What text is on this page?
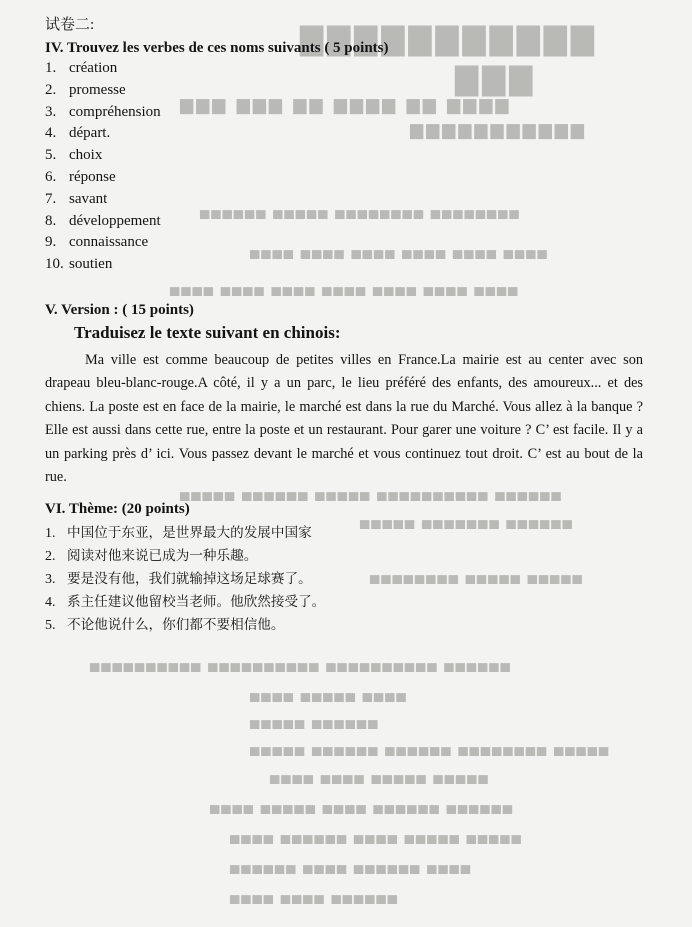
▇▇▇▇▇▇▇▇▇▇▇
▇▇▇
▆▆▆ ▆▆▆ ▆▆ ▆▆▆▆ ▆▆ ▆▆▆▆
▆▆▆▆▆▆▆▆▆▆▆
▅▅▅▅▅▅ ▅▅▅▅▅ ▅▅▅▅▅▅▅▅ ▅▅▅▅▅▅▅▅
▅▅▅▅ ▅▅▅▅ ▅▅▅▅ ▅▅▅▅ ▅▅▅▅ ▅▅▅▅
▅▅▅▅ ▅▅▅▅ ▅▅▅▅ ▅▅▅▅ ▅▅▅▅ ▅▅▅▅ ▅▅▅▅
▅▅▅▅▅ ▅▅▅▅▅▅ ▅▅▅▅▅ ▅▅▅▅▅▅▅▅▅▅ ▅▅▅▅▅▅
▅▅▅▅▅ ▅▅▅▅▅▅▅ ▅▅▅▅▅▅
▅▅▅▅▅▅▅▅ ▅▅▅▅▅ ▅▅▅▅▅
▅▅▅▅▅▅▅▅▅▅ ▅▅▅▅▅▅▅▅▅▅ ▅▅▅▅▅▅▅▅▅▅ ▅▅▅▅▅▅
▅▅▅▅ ▅▅▅▅▅ ▅▅▅▅
▅▅▅▅▅ ▅▅▅▅▅▅
▅▅▅▅▅ ▅▅▅▅▅▅ ▅▅▅▅▅▅ ▅▅▅▅▅▅▅▅ ▅▅▅▅▅
▅▅▅▅ ▅▅▅▅ ▅▅▅▅▅ ▅▅▅▅▅
▅▅▅▅ ▅▅▅▅▅ ▅▅▅▅ ▅▅▅▅▅▅ ▅▅▅▅▅▅
▅▅▅▅ ▅▅▅▅▅▅ ▅▅▅▅ ▅▅▅▅▅ ▅▅▅▅▅
▅▅▅▅▅▅ ▅▅▅▅ ▅▅▅▅▅▅ ▅▅▅▅
▅▅▅▅ ▅▅▅▅ ▅▅▅▅▅▅
试卷二:
IV. Trouvez les verbes de ces noms suivants ( 5 points)
1. création
2. promesse
3. compréhension
4. départ.
5. choix
6. réponse
7. savant
8. développement
9. connaissance
10. soutien
V. Version : ( 15 points)
Traduisez le texte suivant en chinois:
Ma ville est comme beaucoup de petites villes en France.La mairie est au center avec son drapeau bleu-blanc-rouge.A côté, il y a un parc, le lieu préféré des enfants, des amoureux... et des chiens. La poste est en face de la mairie, le marché est dans la rue du Marché. Vous allez à la banque ? Elle est aussi dans cette rue, entre la poste et un restaurant. Pour garer une voiture ? C’ est facile. Il y a un parking près d’ ici. Vous passez devant le marché et vous continuez tout droit. C’ est au bout de la rue.
VI. Thème: (20 points)
1. 中国位于东亚，是世界最大的发展中国家
2. 阅读对他来说已成为一种乐趣。
3. 要是没有他，我们就输掉这场足球赛了。
4. 系主任建议他留校当老师。他欣然接受了。
5. 不论他说什么，你们都不要相信他。
